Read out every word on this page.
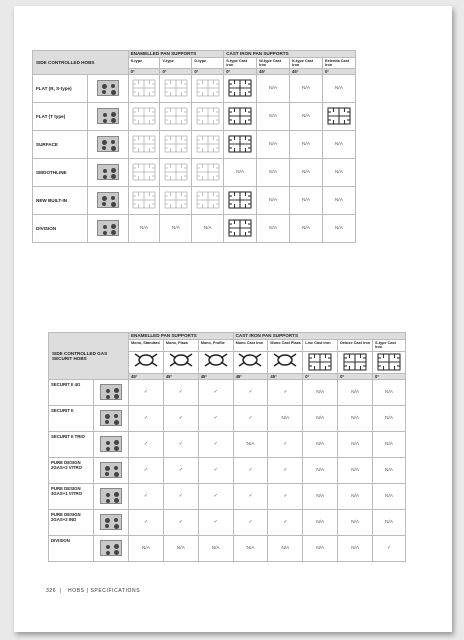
SIDE CONTROLLED HOBS		ENAMELLED PAN SUPPORTS			CAST IRON PAN SUPPORTS			
		S-type	V-type	D-type	S-type Cast Iron	W-type Cast Iron	K-type Cast Iron	Extenda Cast Iron
		0°	0°	0°	0°	45°	45°	0°
FLAT (R, S-type)						N/A	N/A	N/A
FLAT (T type)						N/A	N/A	
SURFACE						N/A	N/A	N/A
SMOOTHLINE					N/A	N/A	N/A	N/A
NEW BUILT-IN						N/A	N/A	N/A
DIVISION		N/A	N/A	N/A		N/A	N/A	N/A
SIDE CONTROLLED GAS SECURIT HOBS		ENAMELLED PAN SUPPORTS			CAST IRON PAN SUPPORTS				
		Mono, Standard	Mono, Plaza	Mono, Profile	Mono Cast Iron	Mono Cast Plaza	Line Cast Iron	Deluxe Cast Iron	S-type Cast Iron

		45°	45°	45°	45°	45°	0°	0°	0°
SECURIT II 4G		✓	✓	✓	✓	✓	N/A	N/A	N/A
SECURIT II		✓	✓	✓	✓	N/A	N/A	N/A	N/A
SECURIT II TRIO		✓	✓	✓	N/A	✓	N/A	N/A	N/A
PURE DESIGN 2GAS+2 VITRO		✓	✓	✓	✓	✓	N/A	N/A	N/A
PURE DESIGN 3GAS+1 VITRO		✓	✓	✓	✓	✓	N/A	N/A	N/A
PURE DESIGN 2GAS+2 IND		✓	✓	✓	✓	✓	N/A	N/A	N/A
DIVISION		N/A	N/A	N/A	N/A	N/A	N/A	N/A	✓
326  |   HOBS | SPECIFICATIONS
